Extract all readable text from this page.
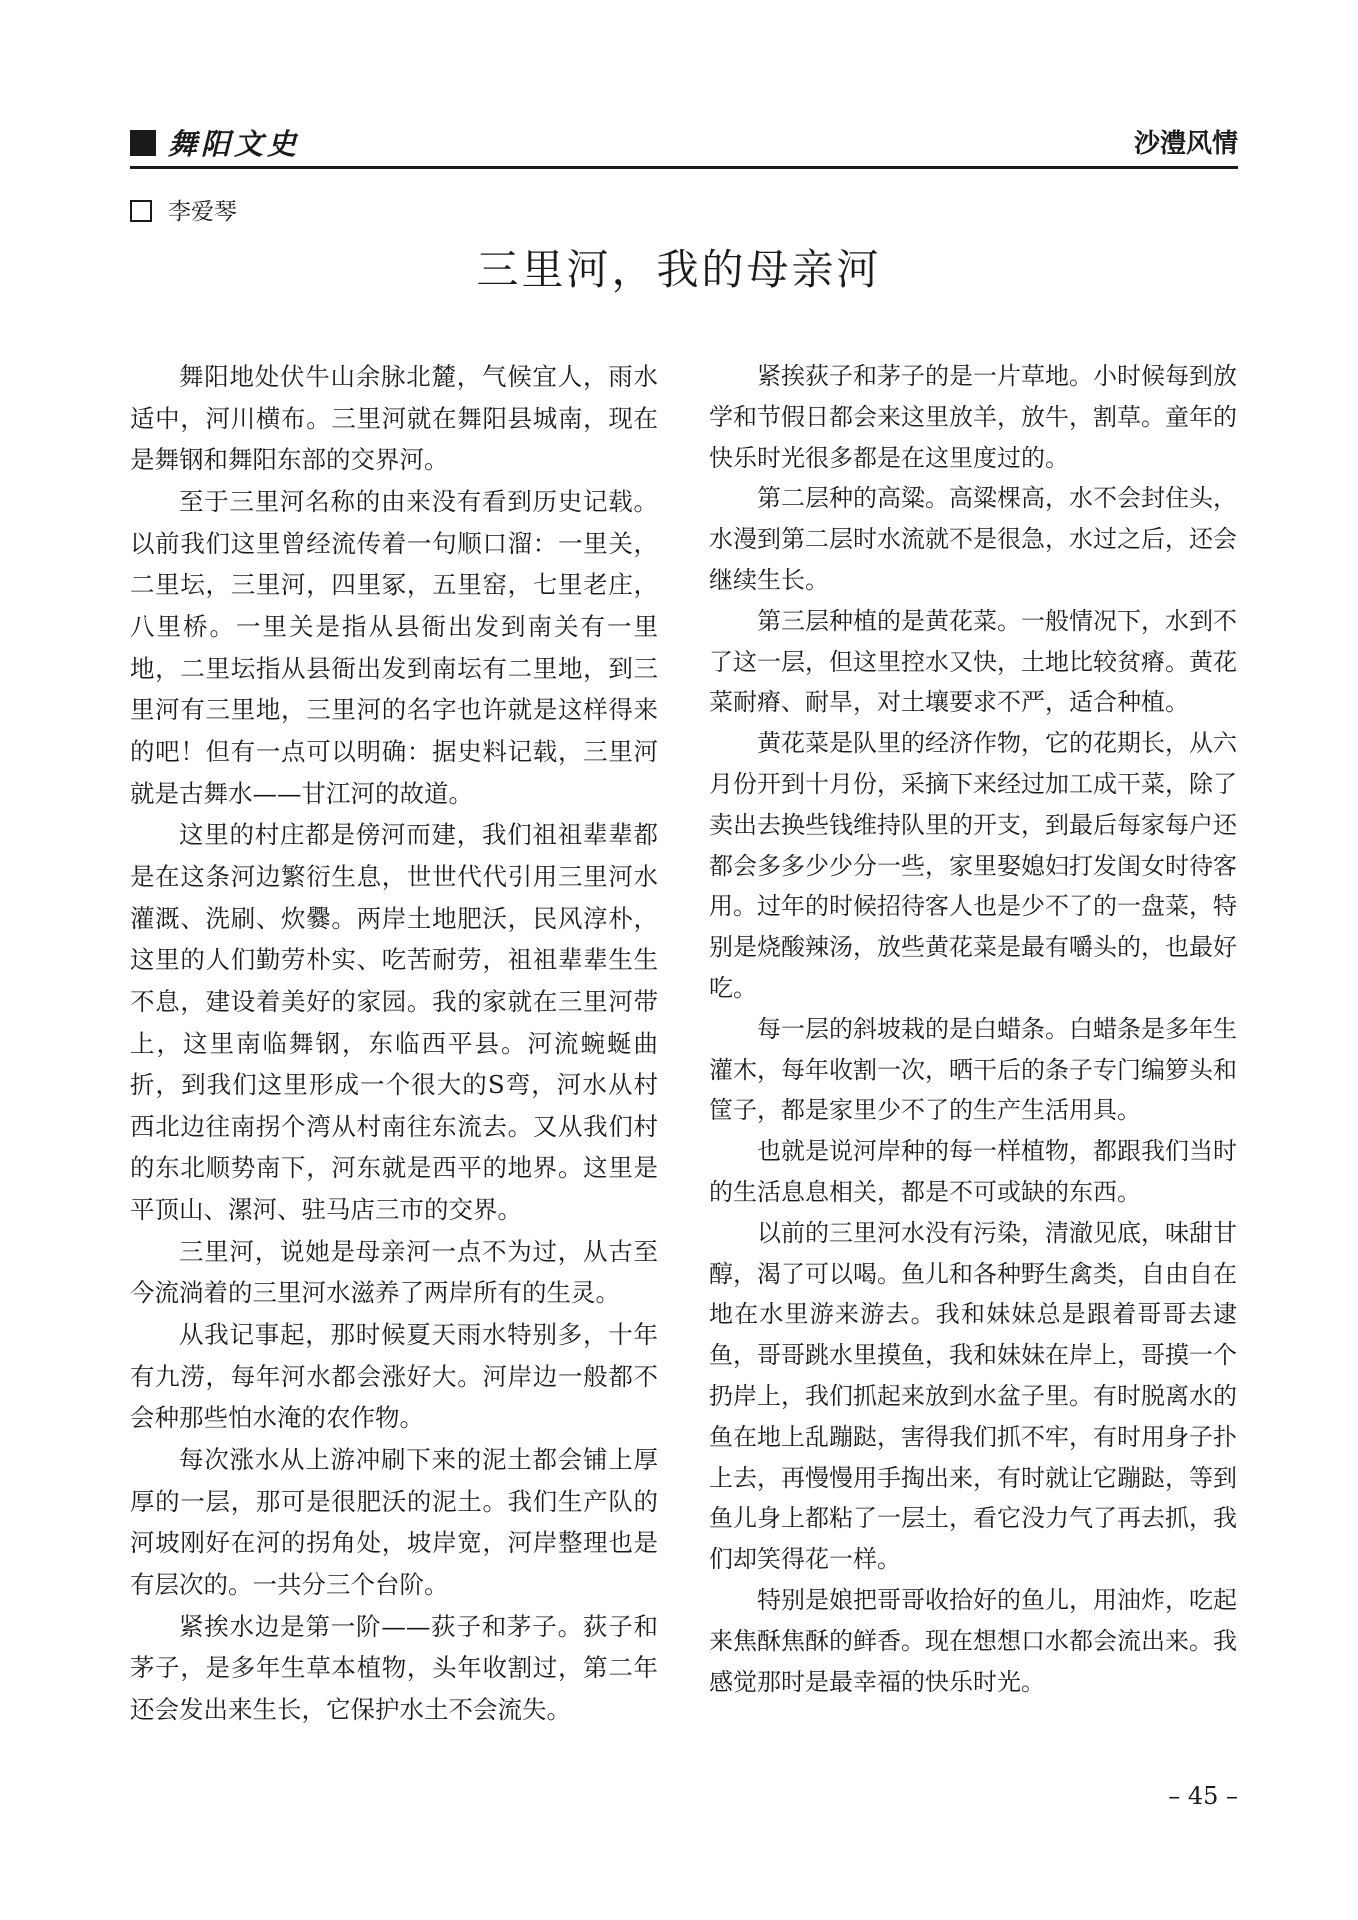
舞阳文史	沙澧风情
李爱琴
三里河，我的母亲河

舞阳地处伏牛山余脉北麓，气候宜人，雨水适中，河川横布。三里河就在舞阳县城南，现在是舞钢和舞阳东部的交界河。

至于三里河名称的由来没有看到历史记载。以前我们这里曾经流传着一句顺口溜：一里关，二里坛，三里河，四里冢，五里窑，七里老庄，八里桥。一里关是指从县衙出发到南关有一里地，二里坛指从县衙出发到南坛有二里地，到三里河有三里地，三里河的名字也许就是这样得来的吧！但有一点可以明确：据史料记载，三里河就是古舞水——甘江河的故道。

这里的村庄都是傍河而建，我们祖祖辈辈都是在这条河边繁衍生息，世世代代引用三里河水灌溉、洗刷、炊爨。两岸土地肥沃，民风淳朴，这里的人们勤劳朴实、吃苦耐劳，祖祖辈辈生生不息，建设着美好的家园。我的家就在三里河带上，这里南临舞钢，东临西平县。河流蜿蜒曲折，到我们这里形成一个很大的S弯，河水从村西北边往南拐个湾从村南往东流去。又从我们村的东北顺势南下，河东就是西平的地界。这里是平顶山、漯河、驻马店三市的交界。

三里河，说她是母亲河一点不为过，从古至今流淌着的三里河水滋养了两岸所有的生灵。

从我记事起，那时候夏天雨水特别多，十年有九涝，每年河水都会涨好大。河岸边一般都不会种那些怕水淹的农作物。

每次涨水从上游冲刷下来的泥土都会铺上厚厚的一层，那可是很肥沃的泥土。我们生产队的河坡刚好在河的拐角处，坡岸宽，河岸整理也是有层次的。一共分三个台阶。

紧挨水边是第一阶——荻子和茅子。荻子和茅子，是多年生草本植物，头年收割过，第二年还会发出来生长，它保护水土不会流失。

紧挨荻子和茅子的是一片草地。小时候每到放学和节假日都会来这里放羊，放牛，割草。童年的快乐时光很多都是在这里度过的。

第二层种的高粱。高粱棵高，水不会封住头，水漫到第二层时水流就不是很急，水过之后，还会继续生长。

第三层种植的是黄花菜。一般情况下，水到不了这一层，但这里控水又快，土地比较贫瘠。黄花菜耐瘠、耐旱，对土壤要求不严，适合种植。

黄花菜是队里的经济作物，它的花期长，从六月份开到十月份，采摘下来经过加工成干菜，除了卖出去换些钱维持队里的开支，到最后每家每户还都会多多少少分一些，家里娶媳妇打发闺女时待客用。过年的时候招待客人也是少不了的一盘菜，特别是烧酸辣汤，放些黄花菜是最有嚼头的，也最好吃。

每一层的斜坡栽的是白蜡条。白蜡条是多年生灌木，每年收割一次，晒干后的条子专门编箩头和筐子，都是家里少不了的生产生活用具。

也就是说河岸种的每一样植物，都跟我们当时的生活息息相关，都是不可或缺的东西。

以前的三里河水没有污染，清澈见底，味甜甘醇，渴了可以喝。鱼儿和各种野生禽类，自由自在地在水里游来游去。我和妹妹总是跟着哥哥去逮鱼，哥哥跳水里摸鱼，我和妹妹在岸上，哥摸一个扔岸上，我们抓起来放到水盆子里。有时脱离水的鱼在地上乱蹦跶，害得我们抓不牢，有时用身子扑上去，再慢慢用手掏出来，有时就让它蹦跶，等到鱼儿身上都粘了一层土，看它没力气了再去抓，我们却笑得花一样。

特别是娘把哥哥收拾好的鱼儿，用油炸，吃起来焦酥焦酥的鲜香。现在想想口水都会流出来。我感觉那时是最幸福的快乐时光。

– 45 –
